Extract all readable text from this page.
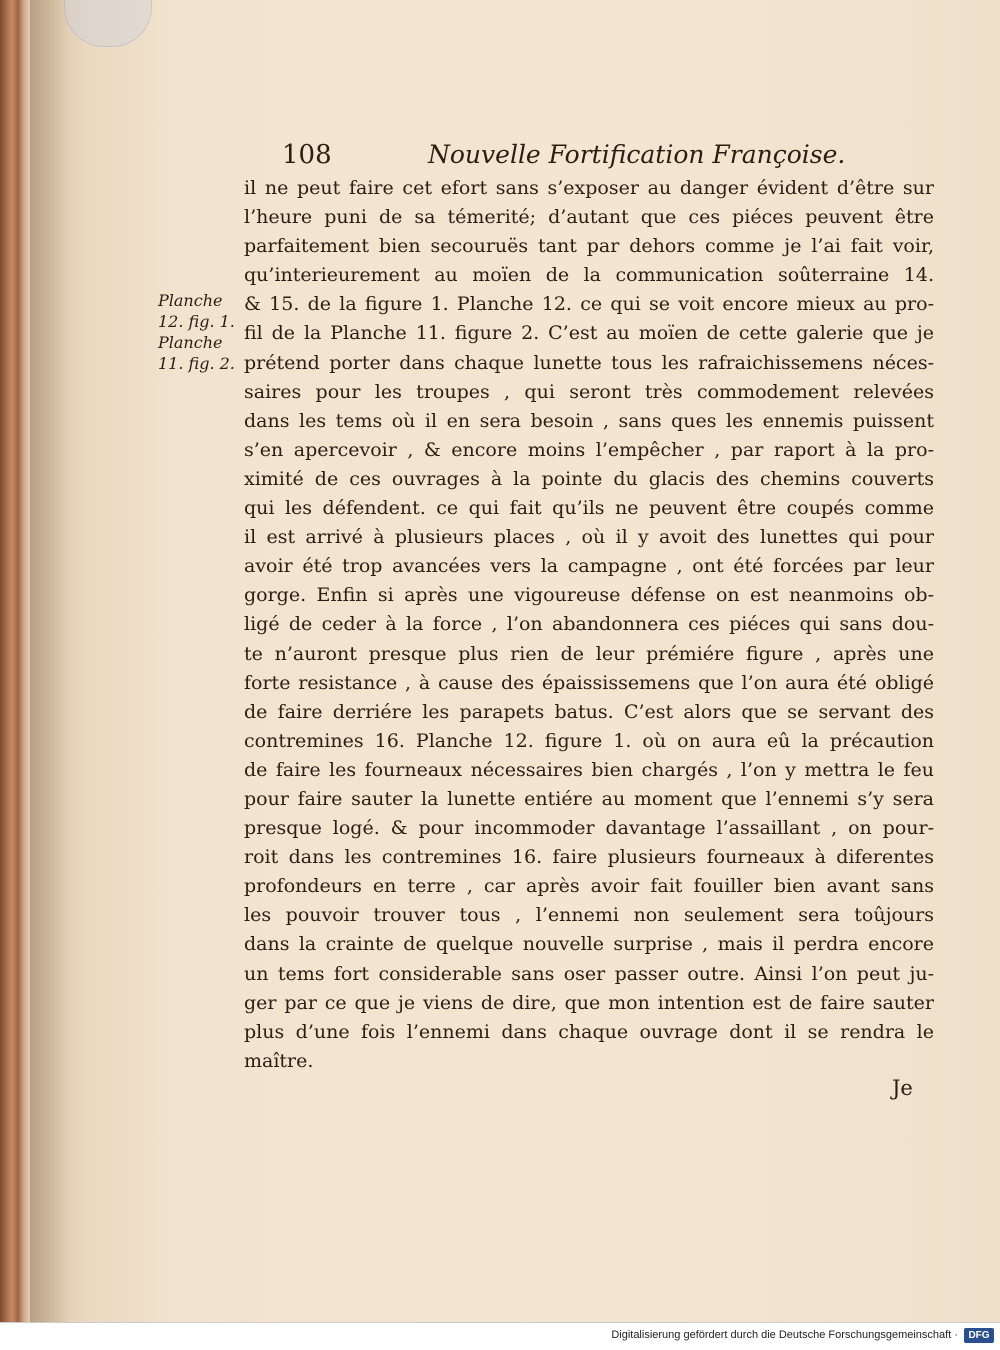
108	Nouvelle Fortification Françoise.
Planche
12. fig. 1.
Planche
11. fig. 2.
il ne peut faire cet efort sans s’exposer au danger évident d’être sur
l’heure puni de sa témerité; d’autant que ces piéces peuvent être
parfaitement bien secouruës tant par dehors comme je l’ai fait voir,
qu’interieurement au moïen de la communication soûterraine 14.
& 15. de la figure 1. Planche 12. ce qui se voit encore mieux au pro-
fil de la Planche 11. figure 2. C’est au moïen de cette galerie que je
prétend porter dans chaque lunette tous les rafraichissemens néces-
saires pour les troupes , qui seront très commodement relevées
dans les tems où il en sera besoin , sans ques les ennemis puissent
s’en apercevoir , & encore moins l’empêcher , par raport à la pro-
ximité de ces ouvrages à la pointe du glacis des chemins couverts
qui les défendent. ce qui fait qu’ils ne peuvent être coupés comme
il est arrivé à plusieurs places , où il y avoit des lunettes qui pour
avoir été trop avancées vers la campagne , ont été forcées par leur
gorge. Enfin si après une vigoureuse défense on est neanmoins ob-
ligé de ceder à la force , l’on abandonnera ces piéces qui sans dou-
te n’auront presque plus rien de leur prémiére figure , après une
forte resistance , à cause des épaississemens que l’on aura été obligé
de faire derriére les parapets batus. C’est alors que se servant des
contremines 16. Planche 12. figure 1. où on aura eû la précaution
de faire les fourneaux nécessaires bien chargés , l’on y mettra le feu
pour faire sauter la lunette entiére au moment que l’ennemi s’y sera
presque logé. & pour incommoder davantage l’assaillant , on pour-
roit dans les contremines 16. faire plusieurs fourneaux à diferentes
profondeurs en terre , car après avoir fait fouiller bien avant sans
les pouvoir trouver tous , l’ennemi non seulement sera toûjours
dans la crainte de quelque nouvelle surprise , mais il perdra encore
un tems fort considerable sans oser passer outre. Ainsi l’on peut ju-
ger par ce que je viens de dire, que mon intention est de faire sauter
plus d’une fois l’ennemi dans chaque ouvrage dont il se rendra le
maître.
Je
Digitalisierung gefördert durch die Deutsche Forschungsgemeinschaft ·	DFG
